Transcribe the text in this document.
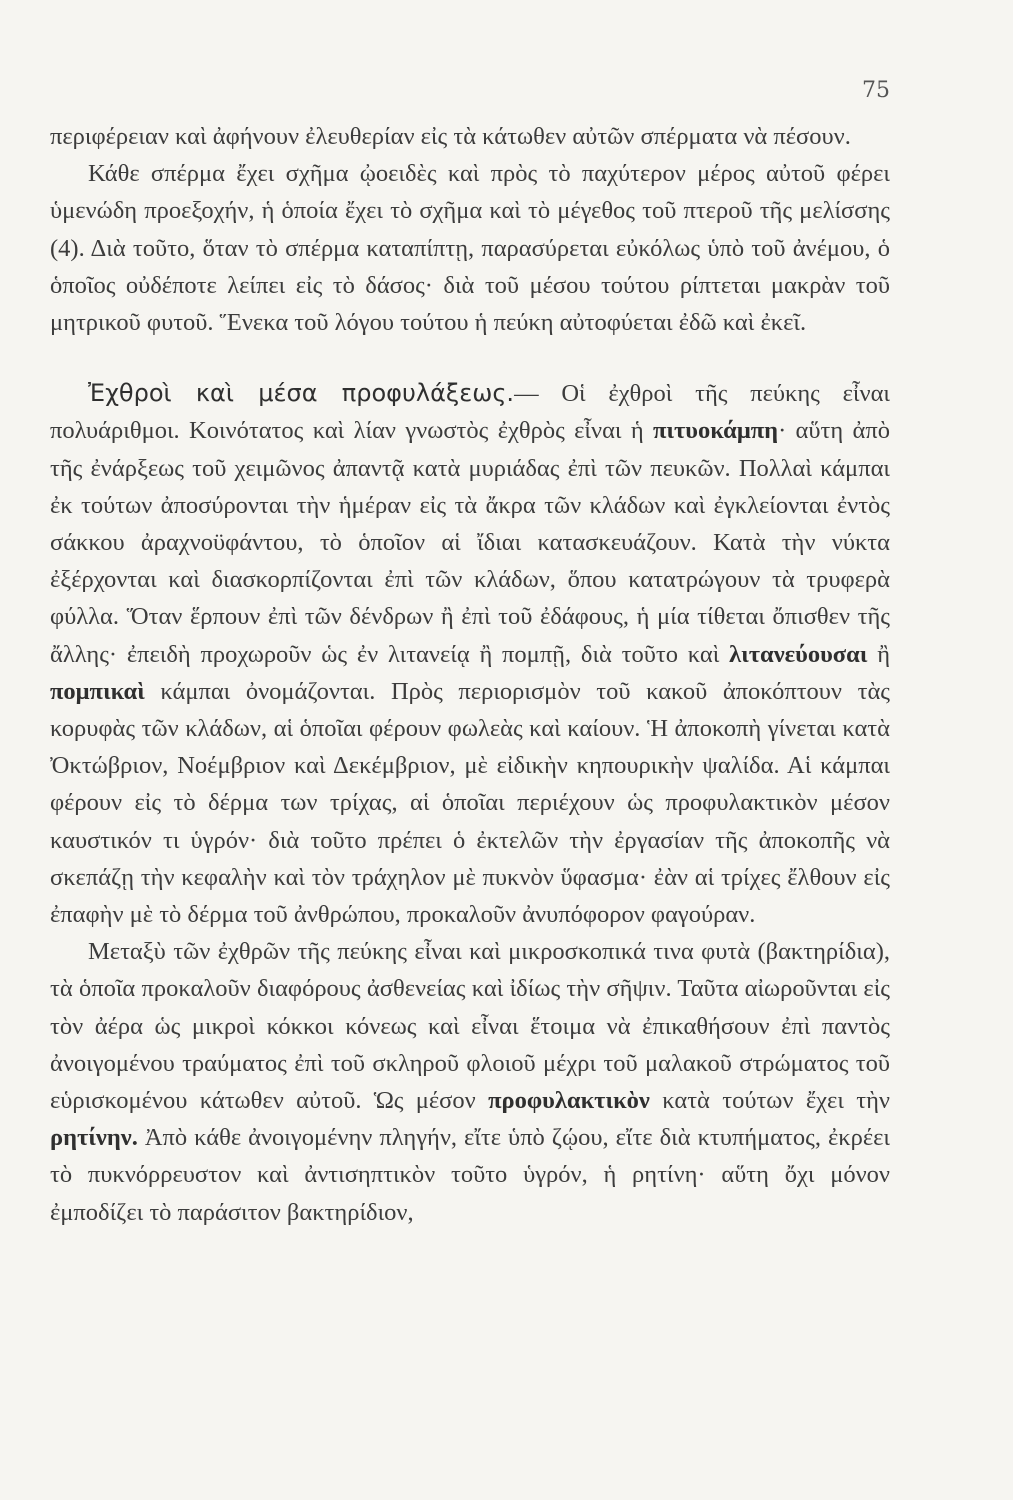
75

περιφέρειαν καὶ ἀφήνουν ἐλευθερίαν εἰς τὰ κάτωθεν αὐτῶν σπέρματα νὰ πέσουν.

Κάθε σπέρμα ἔχει σχῆμα ᾠοειδὲς καὶ πρὸς τὸ παχύτερον μέρος αὐτοῦ φέρει ὑμενώδη προεξοχήν, ἡ ὁποία ἔχει τὸ σχῆμα καὶ τὸ μέγεθος τοῦ πτεροῦ τῆς μελίσσης (4). Διὰ τοῦτο, ὅταν τὸ σπέρμα καταπίπτῃ, παρασύρεται εὐκόλως ὑπὸ τοῦ ἀνέμου, ὁ ὁποῖος οὐδέποτε λείπει εἰς τὸ δάσος· διὰ τοῦ μέσου τούτου ρίπτεται μακρὰν τοῦ μητρικοῦ φυτοῦ. Ἕνεκα τοῦ λόγου τούτου ἡ πεύκη αὐτοφύεται ἐδῶ καὶ ἐκεῖ.

Ἐχθροὶ καὶ μέσα προφυλάξεως.— Οἱ ἐχθροὶ τῆς πεύκης εἶναι πολυάριθμοι. Κοινότατος καὶ λίαν γνωστὸς ἐχθρὸς εἶναι ἡ πιτυοκάμπη· αὕτη ἀπὸ τῆς ἐνάρξεως τοῦ χειμῶνος ἀπαντᾷ κατὰ μυριάδας ἐπὶ τῶν πευκῶν. Πολλαὶ κάμπαι ἐκ τούτων ἀποσύρονται τὴν ἡμέραν εἰς τὰ ἄκρα τῶν κλάδων καὶ ἐγκλείονται ἐντὸς σάκκου ἀραχνοϋφάντου, τὸ ὁποῖον αἱ ἴδιαι κατασκευάζουν. Κατὰ τὴν νύκτα ἐξέρχονται καὶ διασκορπίζονται ἐπὶ τῶν κλάδων, ὅπου κατατρώγουν τὰ τρυφερὰ φύλλα. Ὅταν ἕρπουν ἐπὶ τῶν δένδρων ἢ ἐπὶ τοῦ ἐδάφους, ἡ μία τίθεται ὄπισθεν τῆς ἄλλης· ἐπειδὴ προχωροῦν ὡς ἐν λιτανείᾳ ἢ πομπῇ, διὰ τοῦτο καὶ λιτανεύουσαι ἢ πομπικαὶ κάμπαι ὀνομάζονται. Πρὸς περιορισμὸν τοῦ κακοῦ ἀποκόπτουν τὰς κορυφὰς τῶν κλάδων, αἱ ὁποῖαι φέρουν φωλεὰς καὶ καίουν. Ἡ ἀποκοπὴ γίνεται κατὰ Ὀκτώβριον, Νοέμβριον καὶ Δεκέμβριον, μὲ εἰδικὴν κηπουρικὴν ψαλίδα. Αἱ κάμπαι φέρουν εἰς τὸ δέρμα των τρίχας, αἱ ὁποῖαι περιέχουν ὡς προφυλακτικὸν μέσον καυστικόν τι ὑγρόν· διὰ τοῦτο πρέπει ὁ ἐκτελῶν τὴν ἐργασίαν τῆς ἀποκοπῆς νὰ σκεπάζῃ τὴν κεφαλὴν καὶ τὸν τράχηλον μὲ πυκνὸν ὕφασμα· ἐὰν αἱ τρίχες ἔλθουν εἰς ἐπαφὴν μὲ τὸ δέρμα τοῦ ἀνθρώπου, προκαλοῦν ἀνυπόφορον φαγούραν.

Μεταξὺ τῶν ἐχθρῶν τῆς πεύκης εἶναι καὶ μικροσκοπικά τινα φυτὰ (βακτηρίδια), τὰ ὁποῖα προκαλοῦν διαφόρους ἀσθενείας καὶ ἰδίως τὴν σῆψιν. Ταῦτα αἰωροῦνται εἰς τὸν ἀέρα ὡς μικροὶ κόκκοι κόνεως καὶ εἶναι ἕτοιμα νὰ ἐπικαθήσουν ἐπὶ παντὸς ἀνοιγομένου τραύματος ἐπὶ τοῦ σκληροῦ φλοιοῦ μέχρι τοῦ μαλακοῦ στρώματος τοῦ εὑρισκομένου κάτωθεν αὐτοῦ. Ὡς μέσον προφυλακτικὸν κατὰ τούτων ἔχει τὴν ρητίνην. Ἀπὸ κάθε ἀνοιγομένην πληγήν, εἴτε ὑπὸ ζῴου, εἴτε διὰ κτυπήματος, ἐκρέει τὸ πυκνόρρευστον καὶ ἀντισηπτικὸν τοῦτο ὑγρόν, ἡ ρητίνη· αὕτη ὄχι μόνον ἐμποδίζει τὸ παράσιτον βακτηρίδιον,
